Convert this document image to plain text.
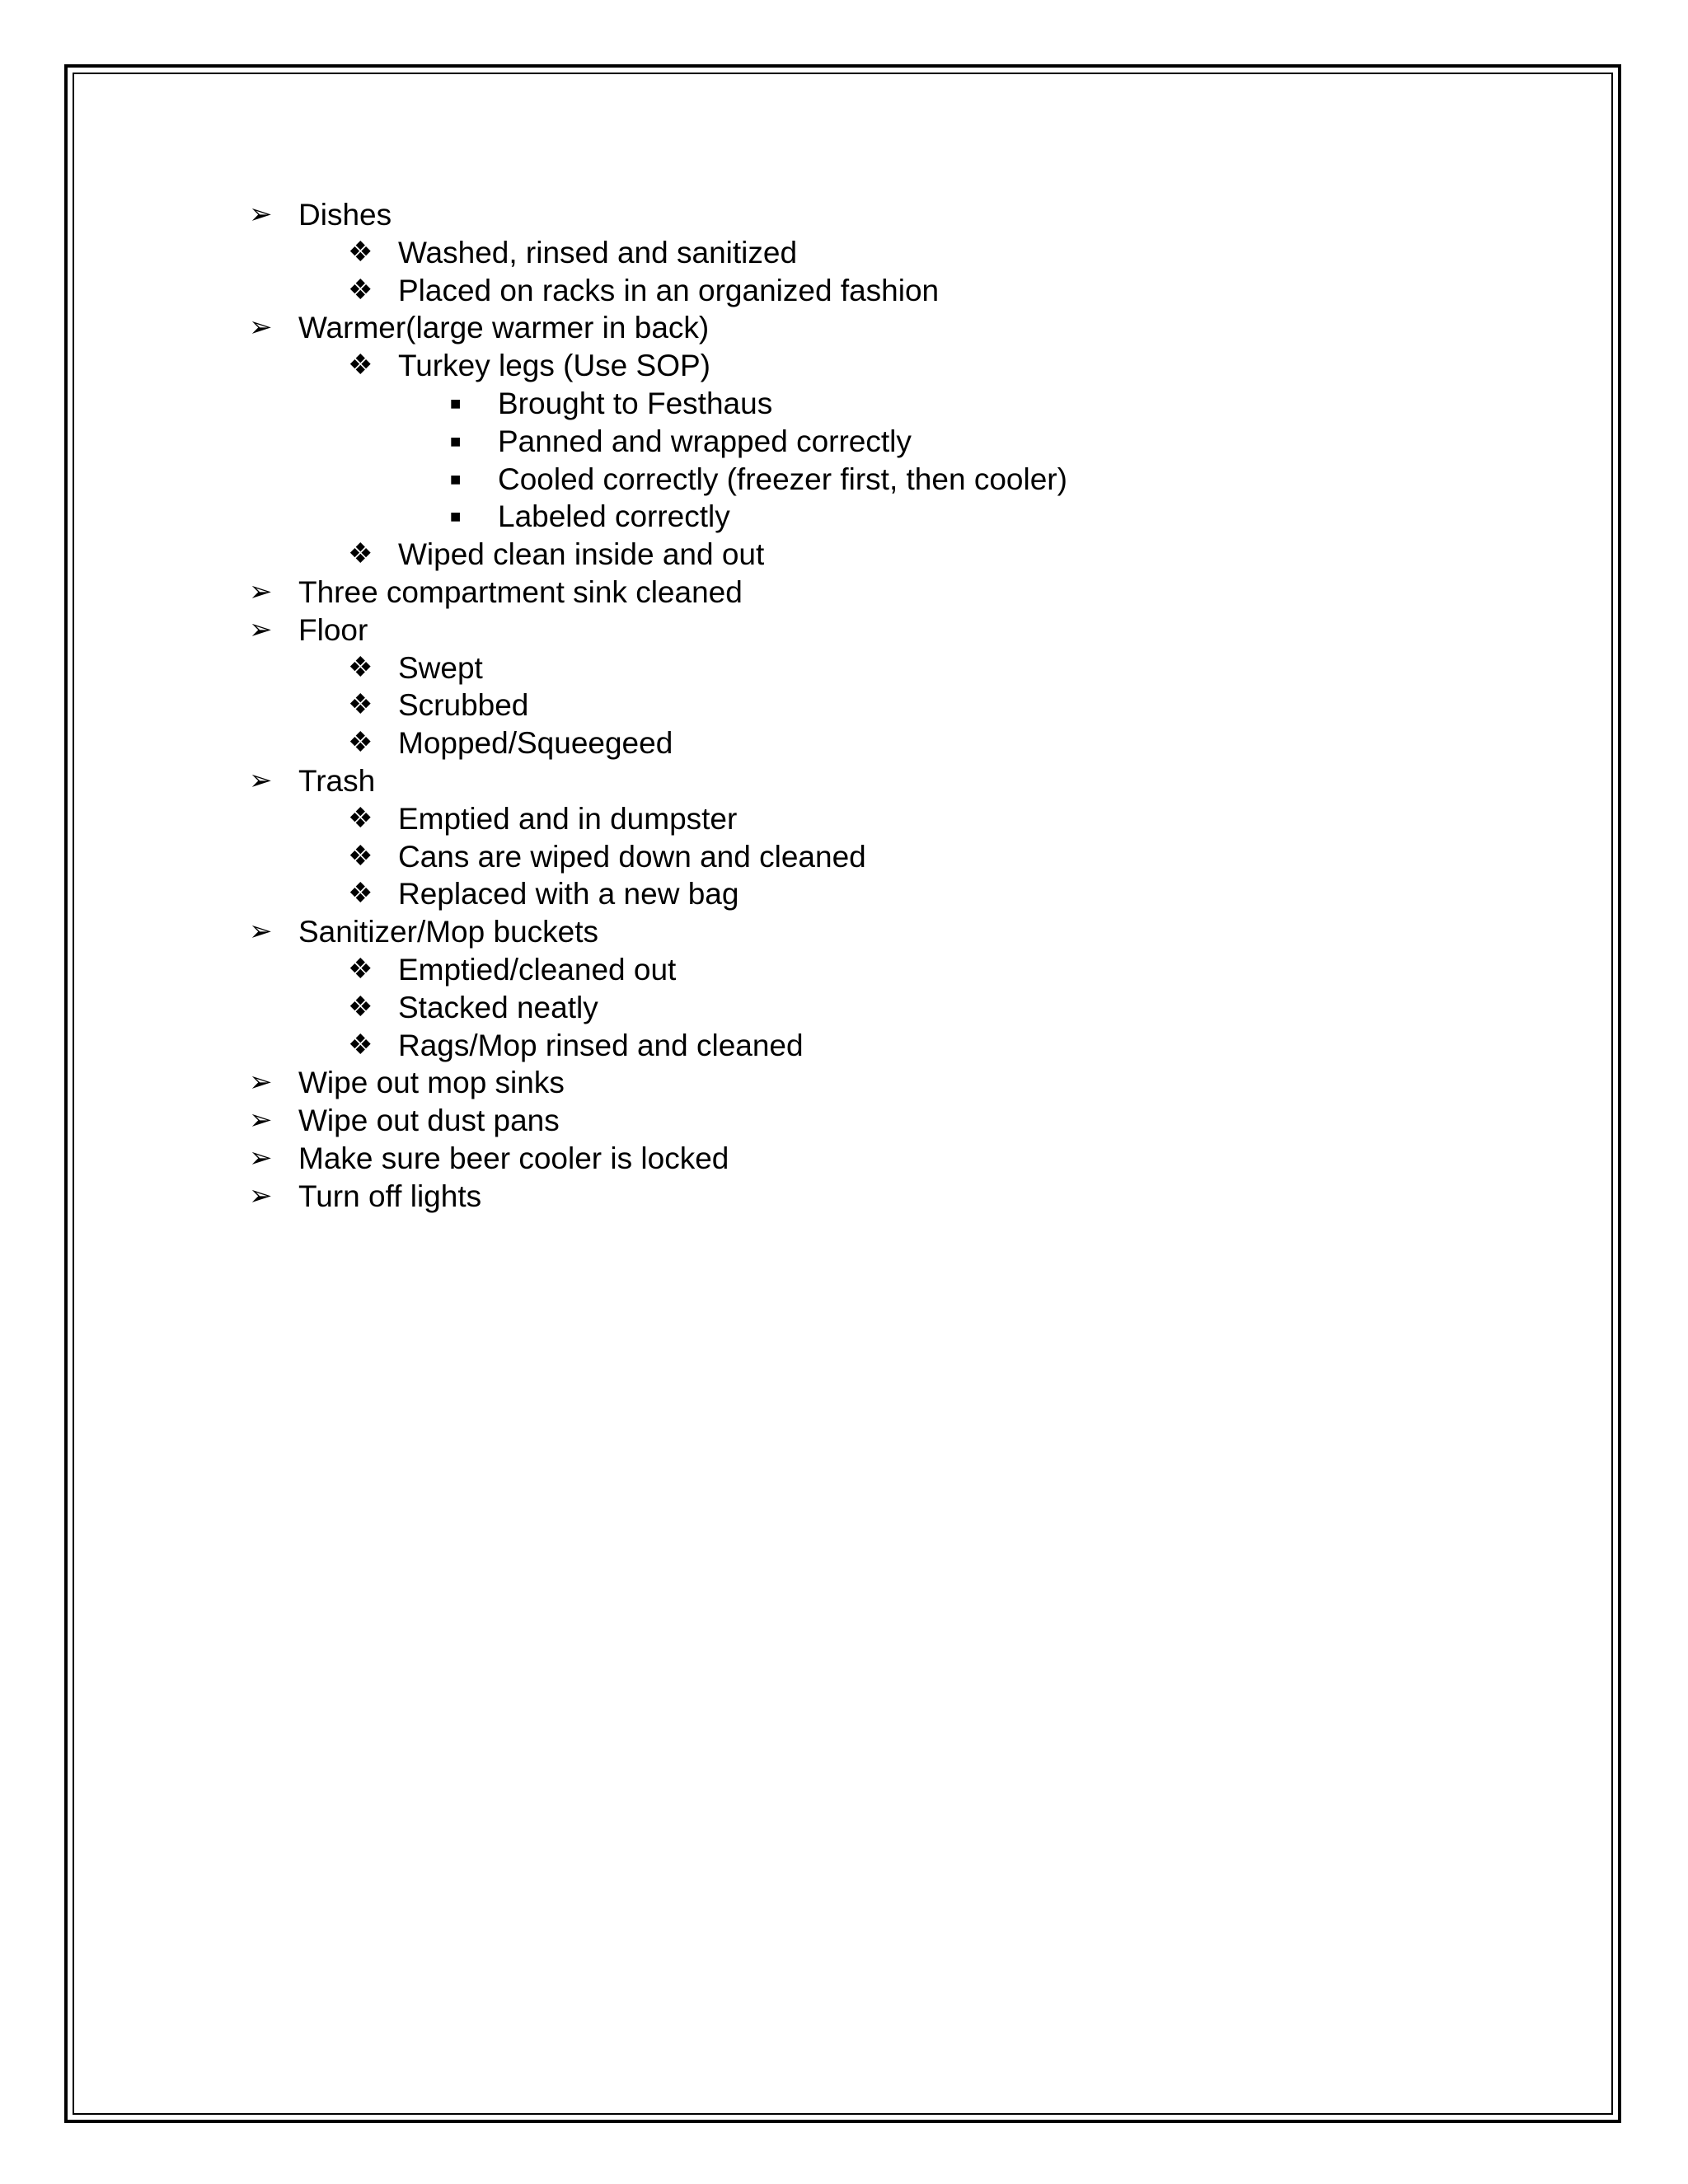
➢ Dishes
❖ Washed, rinsed and sanitized
❖ Placed on racks in an organized fashion
➢ Warmer(large warmer in back)
❖ Turkey legs (Use SOP)
■ Brought to Festhaus
■ Panned and wrapped correctly
■ Cooled correctly (freezer first, then cooler)
■ Labeled correctly
❖ Wiped clean inside and out
➢ Three compartment sink cleaned
➢ Floor
❖ Swept
❖ Scrubbed
❖ Mopped/Squeegeed
➢ Trash
❖ Emptied and in dumpster
❖ Cans are wiped down and cleaned
❖ Replaced with a new bag
➢ Sanitizer/Mop buckets
❖ Emptied/cleaned out
❖ Stacked neatly
❖ Rags/Mop rinsed and cleaned
➢ Wipe out mop sinks
➢ Wipe out dust pans
➢ Make sure beer cooler is locked
➢ Turn off lights
